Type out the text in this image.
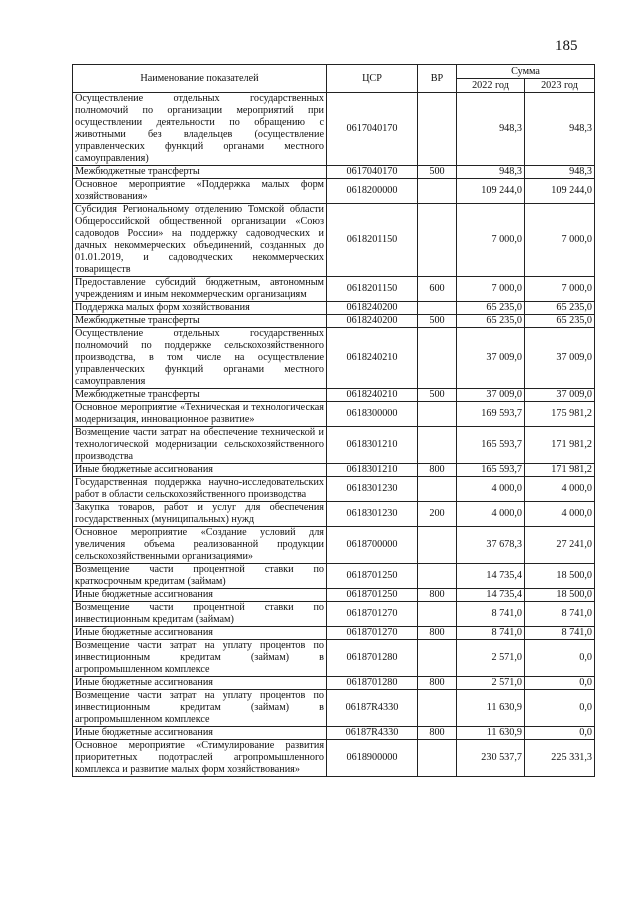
185
Наименование показателей	ЦСР	ВР	Сумма	
			2022 год	2023 год
Осуществление отдельных государственных полномочий по организации мероприятий при осуществлении деятельности по обращению с животными без владельцев (осуществление управленческих функций органами местного самоуправления)	0617040170		948,3	948,3
Межбюджетные трансферты	0617040170	500	948,3	948,3
Основное мероприятие «Поддержка малых форм хозяйствования»	0618200000		109 244,0	109 244,0
Субсидия Региональному отделению Томской области Общероссийской общественной организации «Союз садоводов России» на поддержку садоводческих и дачных некоммерческих объединений, созданных до 01.01.2019, и садоводческих некоммерческих товариществ	0618201150		7 000,0	7 000,0
Предоставление субсидий бюджетным, автономным учреждениям и иным некоммерческим организациям	0618201150	600	7 000,0	7 000,0
Поддержка малых форм хозяйствования	0618240200		65 235,0	65 235,0
Межбюджетные трансферты	0618240200	500	65 235,0	65 235,0
Осуществление отдельных государственных полномочий по поддержке сельскохозяйственного производства, в том числе на осуществление управленческих функций органами местного самоуправления	0618240210		37 009,0	37 009,0
Межбюджетные трансферты	0618240210	500	37 009,0	37 009,0
Основное мероприятие «Техническая и технологическая модернизация, инновационное развитие»	0618300000		169 593,7	175 981,2
Возмещение части затрат на обеспечение технической и технологической модернизации сельскохозяйственного производства	0618301210		165 593,7	171 981,2
Иные бюджетные ассигнования	0618301210	800	165 593,7	171 981,2
Государственная поддержка научно-исследовательских работ в области сельскохозяйственного производства	0618301230		4 000,0	4 000,0
Закупка товаров, работ и услуг для обеспечения государственных (муниципальных) нужд	0618301230	200	4 000,0	4 000,0
Основное мероприятие «Создание условий для увеличения объема реализованной продукции сельскохозяйственными организациями»	0618700000		37 678,3	27 241,0
Возмещение части процентной ставки по краткосрочным кредитам (займам)	0618701250		14 735,4	18 500,0
Иные бюджетные ассигнования	0618701250	800	14 735,4	18 500,0
Возмещение части процентной ставки по инвестиционным кредитам (займам)	0618701270		8 741,0	8 741,0
Иные бюджетные ассигнования	0618701270	800	8 741,0	8 741,0
Возмещение части затрат на уплату процентов по инвестиционным кредитам (займам) в агропромышленном комплексе	0618701280		2 571,0	0,0
Иные бюджетные ассигнования	0618701280	800	2 571,0	0,0
Возмещение части затрат на уплату процентов по инвестиционным кредитам (займам) в агропромышленном комплексе	06187R4330		11 630,9	0,0
Иные бюджетные ассигнования	06187R4330	800	11 630,9	0,0
Основное мероприятие «Стимулирование развития приоритетных подотраслей агропромышленного комплекса и развитие малых форм хозяйствования»	0618900000		230 537,7	225 331,3
